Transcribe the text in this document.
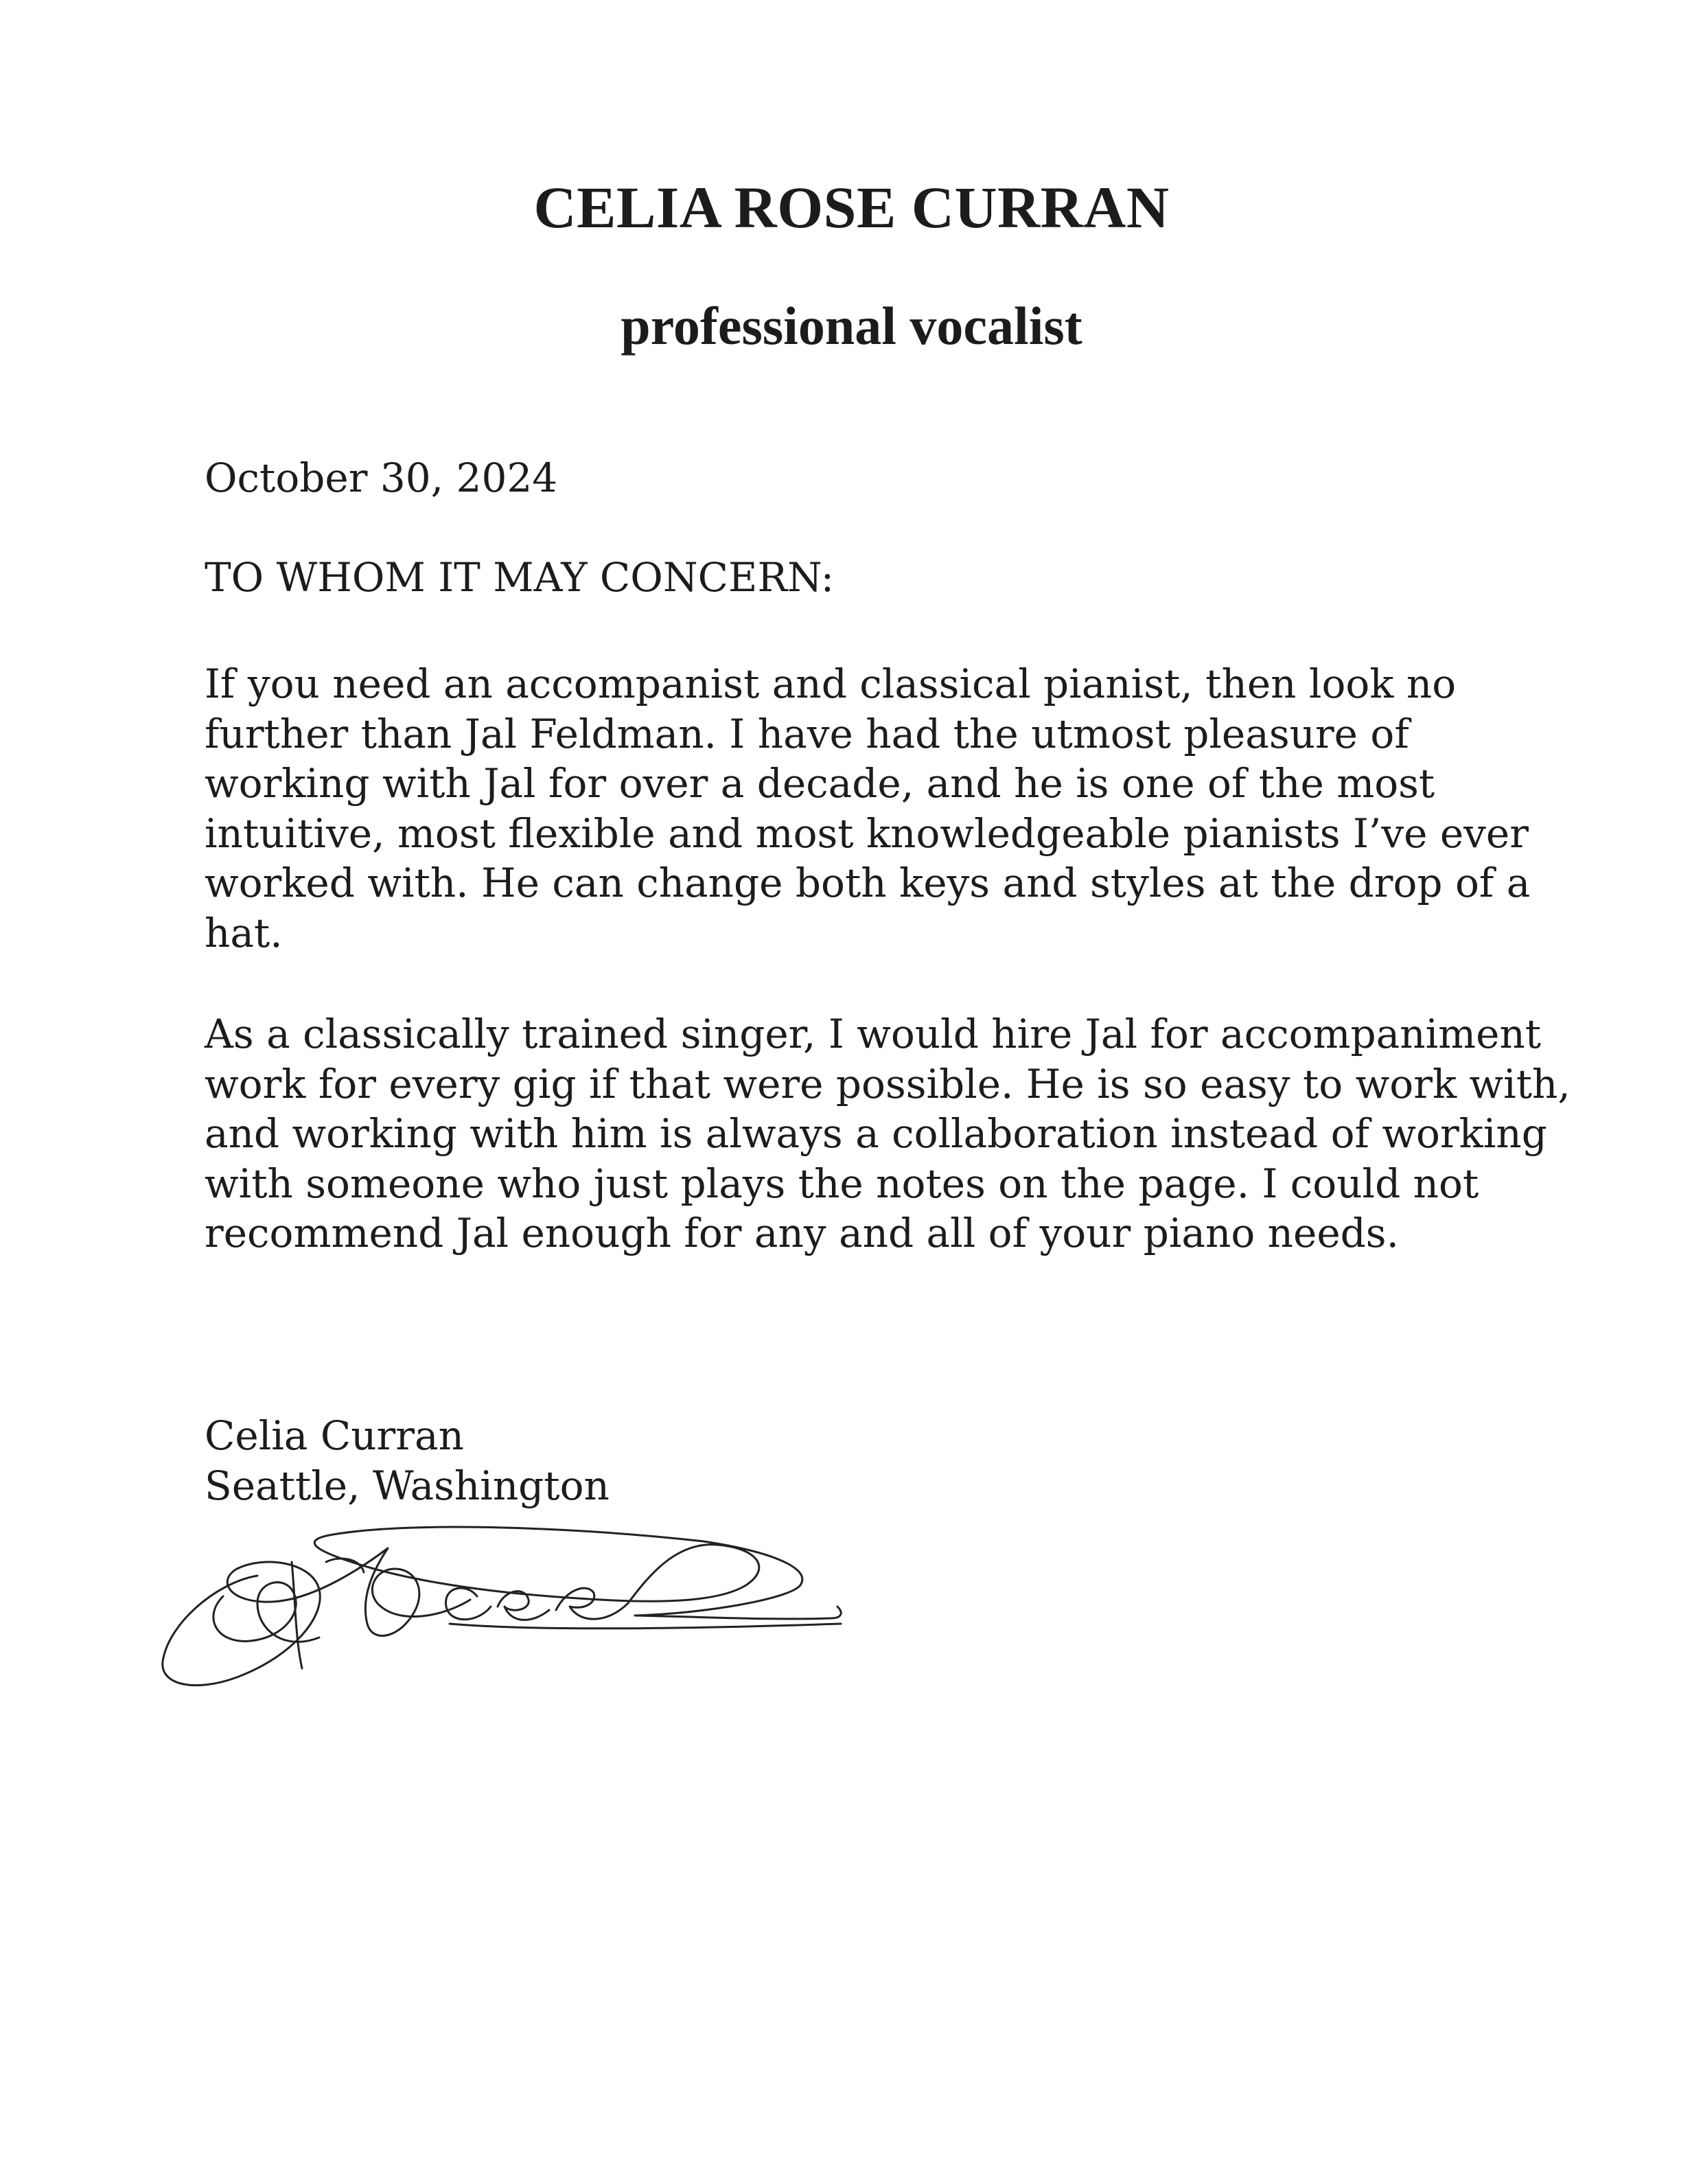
CELIA ROSE CURRAN
professional vocalist

October 30, 2024

TO WHOM IT MAY CONCERN:

If you need an accompanist and classical pianist, then look no
further than Jal Feldman. I have had the utmost pleasure of
working with Jal for over a decade, and he is one of the most
intuitive, most flexible and most knowledgeable pianists I’ve ever
worked with. He can change both keys and styles at the drop of a
hat.
As a classically trained singer, I would hire Jal for accompaniment
work for every gig if that were possible. He is so easy to work with,
and working with him is always a collaboration instead of working
with someone who just plays the notes on the page. I could not
recommend Jal enough for any and all of your piano needs.
Celia Curran
Seattle, Washington
